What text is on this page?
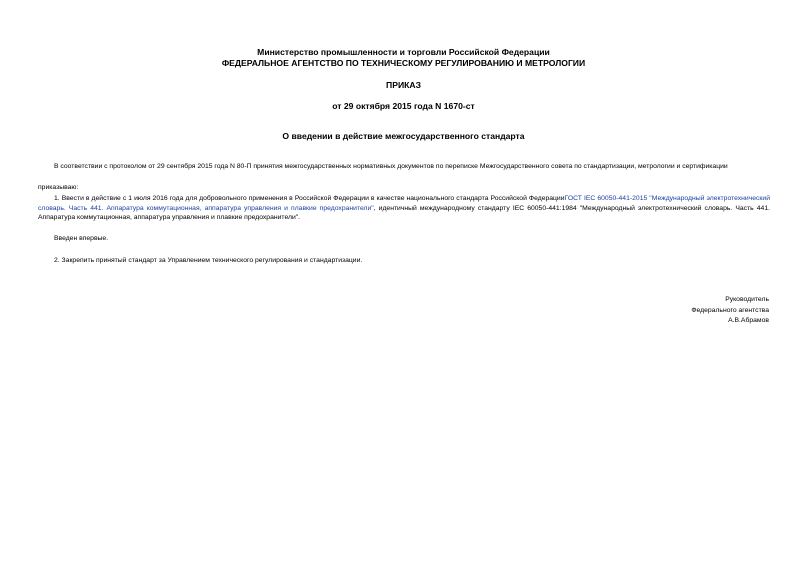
Министерство промышленности и торговли Российской Федерации
ФЕДЕРАЛЬНОЕ АГЕНТСТВО ПО ТЕХНИЧЕСКОМУ РЕГУЛИРОВАНИЮ И МЕТРОЛОГИИ
ПРИКАЗ
от 29 октября 2015 года N 1670-ст
О введении в действие межгосударственного стандарта
В соответствии с протоколом от 29 сентября 2015 года N 80-П принятия межгосударственных нормативных документов по переписке Межгосударственного совета по стандартизации, метрологии и сертификации
приказываю:
1. Ввести в действие с 1 июля 2016 года для добровольного применения в Российской Федерации в качестве национального стандарта Российской ФедерацииГОСТ IEC 60050-441-2015 "Международный электротехнический словарь. Часть 441. Аппаратура коммутационная, аппаратура управления и плавкие предохранители", идентичный международному стандарту IEC 60050-441:1984 "Международный электротехнический словарь. Часть 441. Аппаратура коммутационная, аппаратура управления и плавкие предохранители".
Введен впервые.
2. Закрепить принятый стандарт за Управлением технического регулирования и стандартизации.
Руководитель
Федерального агентства
А.В.Абрамов
